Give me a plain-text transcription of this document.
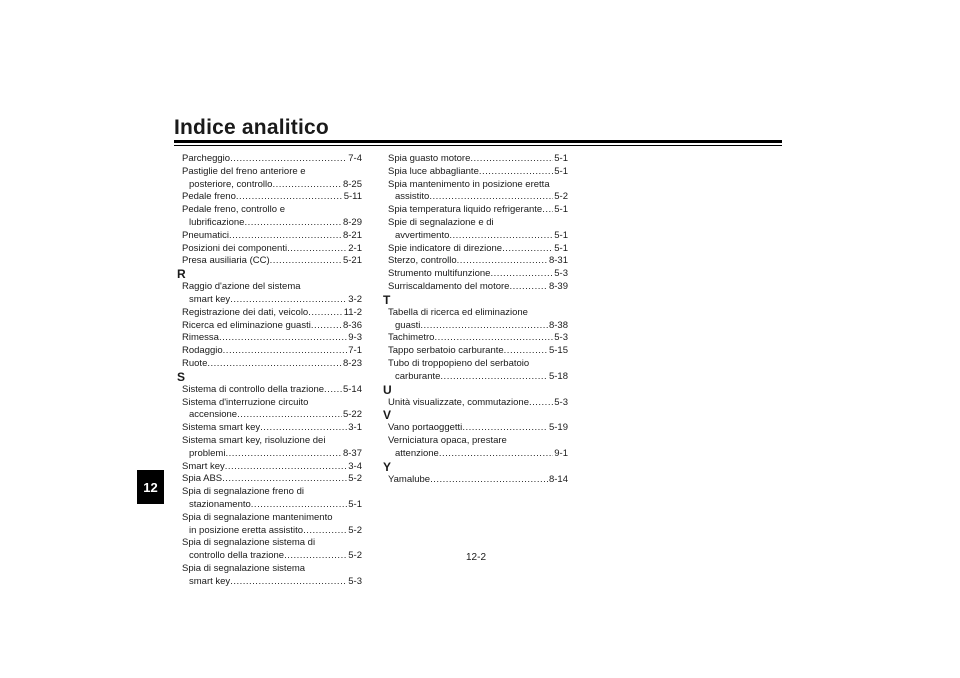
Indice analitico
12
Parcheggio .....	7-4
Pastiglie del freno anteriore e
posteriore, controllo .....	8-25
Pedale freno .....	5-11
Pedale freno, controllo e
lubrificazione .....	8-29
Pneumatici .....	8-21
Posizioni dei componenti .....	2-1
Presa ausiliaria (CC) .....	5-21
R
Raggio d'azione del sistema
smart key .....	3-2
Registrazione dei dati, veicolo .....	11-2
Ricerca ed eliminazione guasti .....	8-36
Rimessa .....	9-3
Rodaggio .....	7-1
Ruote .....	8-23
S
Sistema di controllo della trazione ..... 5-14
Sistema d'interruzione circuito
accensione .....	5-22
Sistema smart key .....	3-1
Sistema smart key, risoluzione dei
problemi .....	8-37
Smart key .....	3-4
Spia ABS .....	5-2
Spia di segnalazione freno di
stazionamento .....	5-1
Spia di segnalazione mantenimento
in posizione eretta assistito .....	5-2
Spia di segnalazione sistema di
controllo della trazione .....	5-2
Spia di segnalazione sistema
smart key .....	5-3
Spia guasto motore .....	5-1
Spia luce abbagliante .....	5-1
Spia mantenimento in posizione eretta
assistito .....	5-2
Spia temperatura liquido refrigerante ..... 5-1
Spie di segnalazione e di
avvertimento .....	5-1
Spie indicatore di direzione .....	5-1
Sterzo, controllo .....	8-31
Strumento multifunzione .....	5-3
Surriscaldamento del motore .....	8-39
T
Tabella di ricerca ed eliminazione
guasti .....	8-38
Tachimetro .....	5-3
Tappo serbatoio carburante .....	5-15
Tubo di troppopieno del serbatoio
carburante .....	5-18
U
Unità visualizzate, commutazione .....	5-3
V
Vano portaoggetti .....	5-19
Verniciatura opaca, prestare
attenzione .....	9-1
Y
Yamalube .....	8-14
12-2
